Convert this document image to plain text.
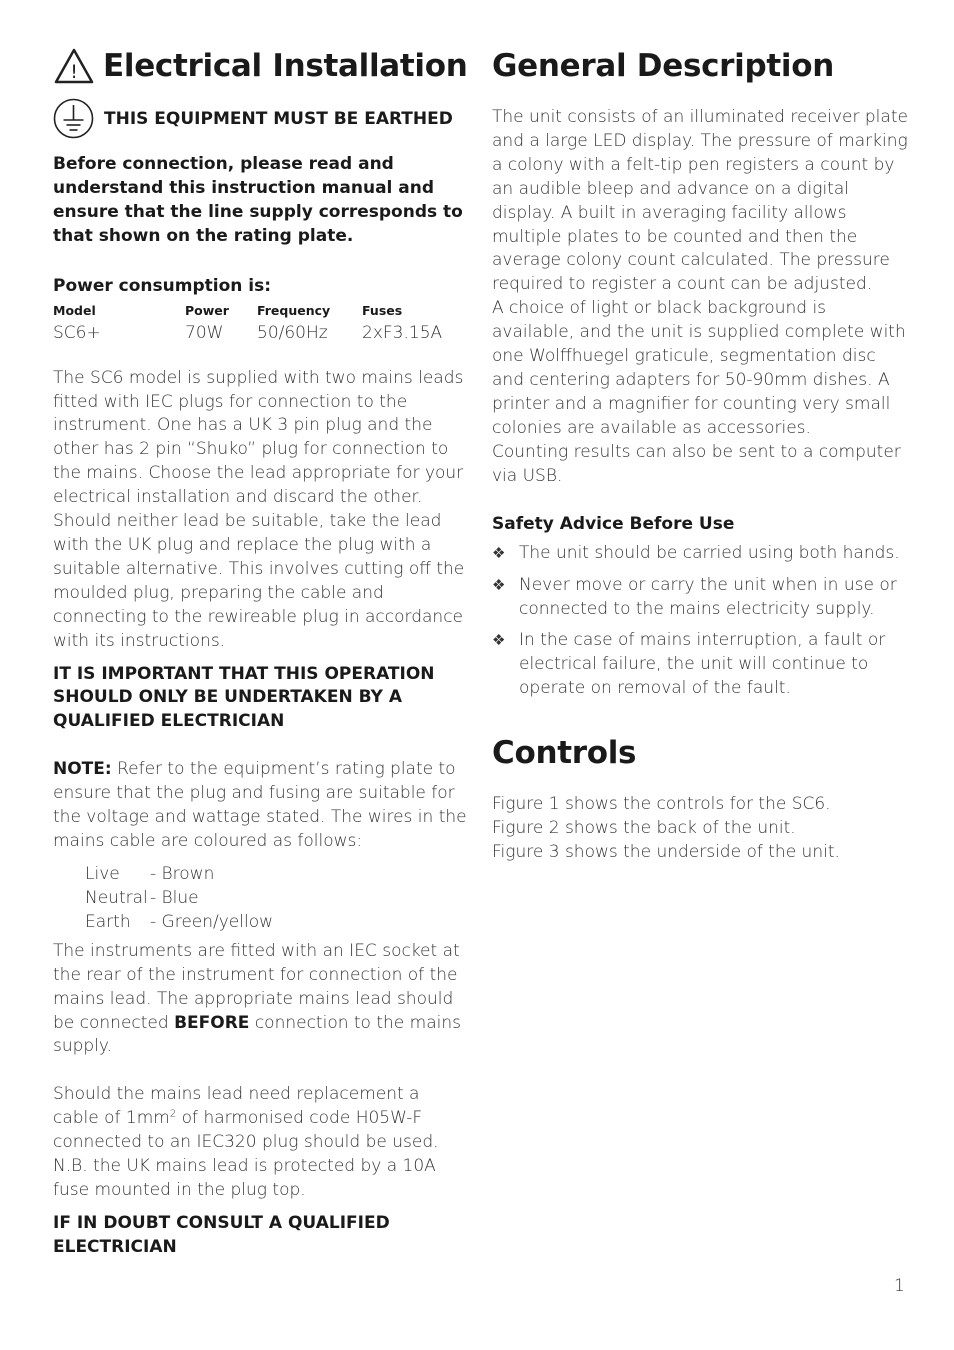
! Electrical Installation
THIS EQUIPMENT MUST BE EARTHED

Before connection, please read and understand this instruction manual and ensure that the line supply corresponds to that shown on the rating plate.

Power consumption is:
Model	Power	Frequency	Fuses
SC6+	70W	50/60Hz	2xF3.15A

The SC6 model is supplied with two mains leads fitted with IEC plugs for connection to the instrument. One has a UK 3 pin plug and the other has 2 pin “Shuko” plug for connection to the mains. Choose the lead appropriate for your electrical installation and discard the other. Should neither lead be suitable, take the lead with the UK plug and replace the plug with a suitable alternative. This involves cutting off the moulded plug, preparing the cable and connecting to the rewireable plug in accordance with its instructions.

IT IS IMPORTANT THAT THIS OPERATION SHOULD ONLY BE UNDERTAKEN BY A QUALIFIED ELECTRICIAN

NOTE: Refer to the equipment’s rating plate to ensure that the plug and fusing are suitable for the voltage and wattage stated. The wires in the mains cable are coloured as follows:

Live - Brown
Neutral - Blue
Earth - Green/yellow

The instruments are fitted with an IEC socket at the rear of the instrument for connection of the mains lead. The appropriate mains lead should be connected BEFORE connection to the mains supply.

Should the mains lead need replacement a cable of $1mm^2$ of harmonised code H05W-F connected to an IEC320 plug should be used. N.B. the UK mains lead is protected by a 10A fuse mounted in the plug top.

IF IN DOUBT CONSULT A QUALIFIED ELECTRICIAN

General Description

The unit consists of an illuminated receiver plate and a large LED display. The pressure of marking a colony with a felt-tip pen registers a count by an audible bleep and advance on a digital display. A built in averaging facility allows multiple plates to be counted and then the average colony count calculated. The pressure required to register a count can be adjusted.

A choice of light or black background is available, and the unit is supplied complete with one Wolffhuegel graticule, segmentation disc and centering adapters for 50-90mm dishes. A printer and a magnifier for counting very small colonies are available as accessories.

Counting results can also be sent to a computer via USB.

Safety Advice Before Use

❖ The unit should be carried using both hands.
❖ Never move or carry the unit when in use or connected to the mains electricity supply.
❖ In the case of mains interruption, a fault or electrical failure, the unit will continue to operate on removal of the fault.
Controls

Figure 1 shows the controls for the SC6.

Figure 2 shows the back of the unit.

Figure 3 shows the underside of the unit.

1
